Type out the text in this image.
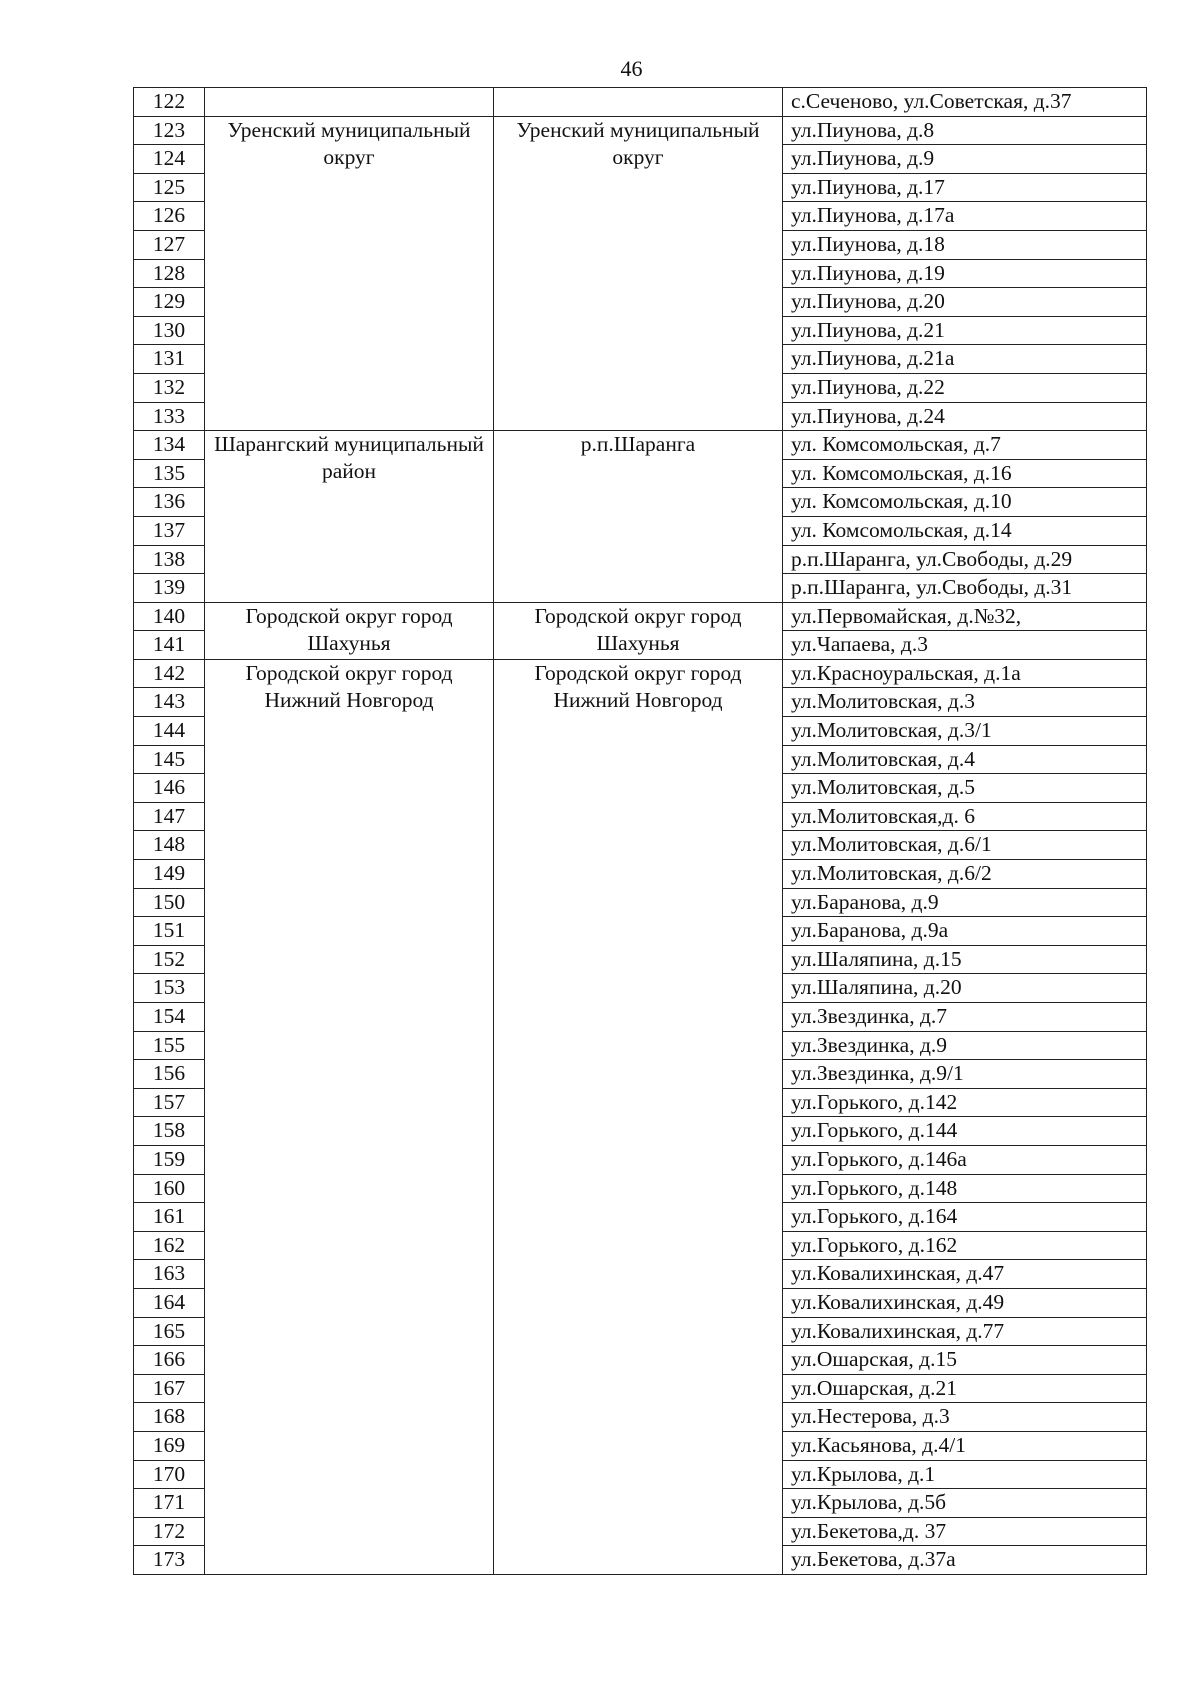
46
122			с.Сеченово, ул.Советская, д.37
123	Уренский муниципальный округ	Уренский муниципальный округ	ул.Пиунова, д.8
124			ул.Пиунова, д.9
125			ул.Пиунова, д.17
126			ул.Пиунова, д.17а
127			ул.Пиунова, д.18
128			ул.Пиунова, д.19
129			ул.Пиунова, д.20
130			ул.Пиунова, д.21
131			ул.Пиунова, д.21а
132			ул.Пиунова, д.22
133			ул.Пиунова, д.24
134	Шарангский муниципальный район	р.п.Шаранга	ул. Комсомольская, д.7
135			ул. Комсомольская, д.16
136			ул. Комсомольская, д.10
137			ул. Комсомольская, д.14
138			р.п.Шаранга, ул.Свободы, д.29
139			р.п.Шаранга, ул.Свободы, д.31
140	Городской округ город Шахунья	Городской округ город Шахунья	ул.Первомайская, д.№32,
141			ул.Чапаева, д.3
142	Городской округ город Нижний Новгород	Городской округ город Нижний Новгород	ул.Красноуральская, д.1а
143			ул.Молитовская, д.3
144			ул.Молитовская, д.3/1
145			ул.Молитовская, д.4
146			ул.Молитовская, д.5
147			ул.Молитовская,д. 6
148			ул.Молитовская, д.6/1
149			ул.Молитовская, д.6/2
150			ул.Баранова, д.9
151			ул.Баранова, д.9а
152			ул.Шаляпина, д.15
153			ул.Шаляпина, д.20
154			ул.Звездинка, д.7
155			ул.Звездинка, д.9
156			ул.Звездинка, д.9/1
157			ул.Горького, д.142
158			ул.Горького, д.144
159			ул.Горького, д.146а
160			ул.Горького, д.148
161			ул.Горького, д.164
162			ул.Горького, д.162
163			ул.Ковалихинская, д.47
164			ул.Ковалихинская, д.49
165			ул.Ковалихинская, д.77
166			ул.Ошарская, д.15
167			ул.Ошарская, д.21
168			ул.Нестерова, д.3
169			ул.Касьянова, д.4/1
170			ул.Крылова, д.1
171			ул.Крылова, д.5б
172			ул.Бекетова,д. 37
173			ул.Бекетова, д.37а
